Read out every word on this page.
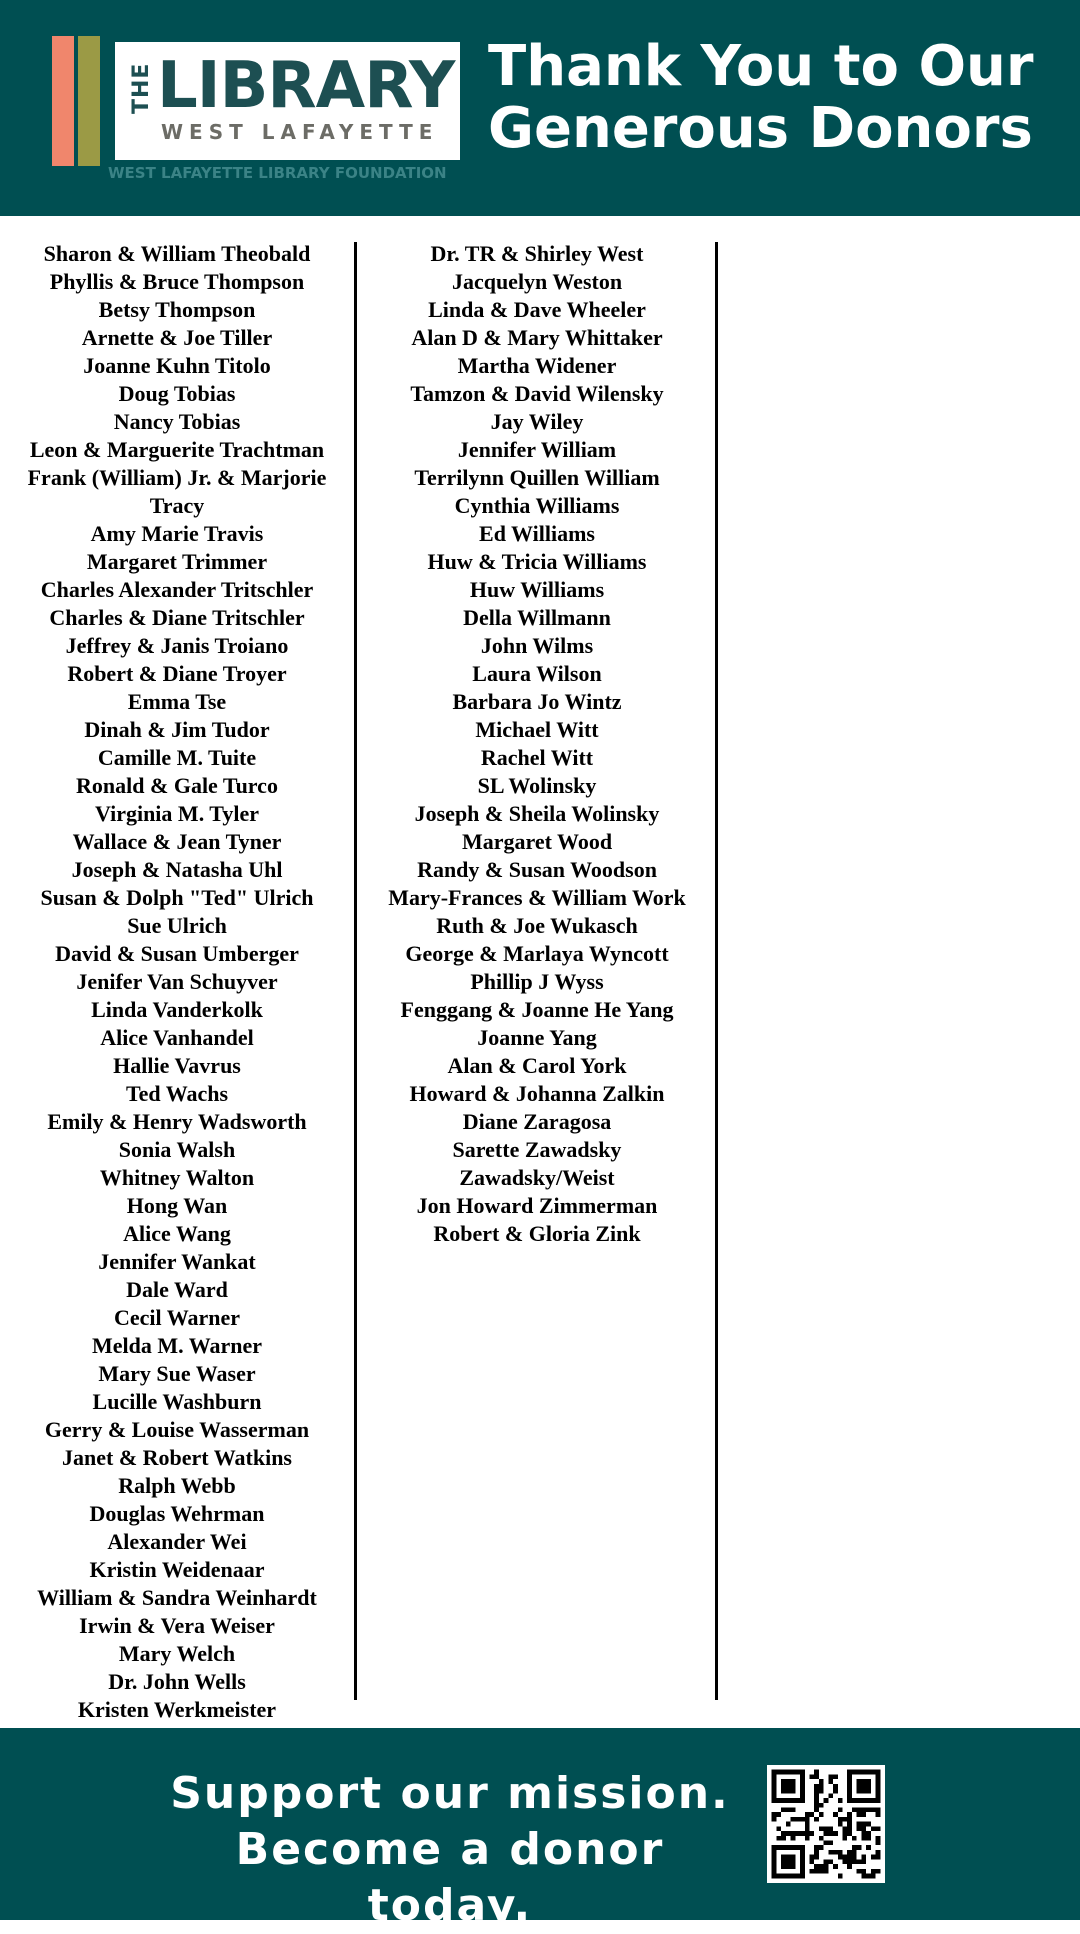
THE LIBRARY
WEST LAFAYETTE
WEST LAFAYETTE LIBRARY FOUNDATION
Thank You to Our
Generous Donors
Sharon & William Theobald
Phyllis & Bruce Thompson
Betsy Thompson
Arnette & Joe Tiller
Joanne Kuhn Titolo
Doug Tobias
Nancy Tobias
Leon & Marguerite Trachtman
Frank (William) Jr. & Marjorie
Tracy
Amy Marie Travis
Margaret Trimmer
Charles Alexander Tritschler
Charles & Diane Tritschler
Jeffrey & Janis Troiano
Robert & Diane Troyer
Emma Tse
Dinah & Jim Tudor
Camille M. Tuite
Ronald & Gale Turco
Virginia M. Tyler
Wallace & Jean Tyner
Joseph & Natasha Uhl
Susan & Dolph "Ted" Ulrich
Sue Ulrich
David & Susan Umberger
Jenifer Van Schuyver
Linda Vanderkolk
Alice Vanhandel
Hallie Vavrus
Ted Wachs
Emily & Henry Wadsworth
Sonia Walsh
Whitney Walton
Hong Wan
Alice Wang
Jennifer Wankat
Dale Ward
Cecil Warner
Melda M. Warner
Mary Sue Waser
Lucille Washburn
Gerry & Louise Wasserman
Janet & Robert Watkins
Ralph Webb
Douglas Wehrman
Alexander Wei
Kristin Weidenaar
William & Sandra Weinhardt
Irwin & Vera Weiser
Mary Welch
Dr. John Wells
Kristen Werkmeister
Dr. TR & Shirley West
Jacquelyn Weston
Linda & Dave Wheeler
Alan D & Mary Whittaker
Martha Widener
Tamzon & David Wilensky
Jay Wiley
Jennifer William
Terrilynn Quillen William
Cynthia Williams
Ed Williams
Huw & Tricia Williams
Huw Williams
Della Willmann
John Wilms
Laura Wilson
Barbara Jo Wintz
Michael Witt
Rachel Witt
SL Wolinsky
Joseph & Sheila Wolinsky
Margaret Wood
Randy & Susan Woodson
Mary-Frances & William Work
Ruth & Joe Wukasch
George & Marlaya Wyncott
Phillip J Wyss
Fenggang & Joanne He Yang
Joanne Yang
Alan & Carol York
Howard & Johanna Zalkin
Diane Zaragosa
Sarette Zawadsky
Zawadsky/Weist
Jon Howard Zimmerman
Robert & Gloria Zink
Support our mission.
Become a donor today.
